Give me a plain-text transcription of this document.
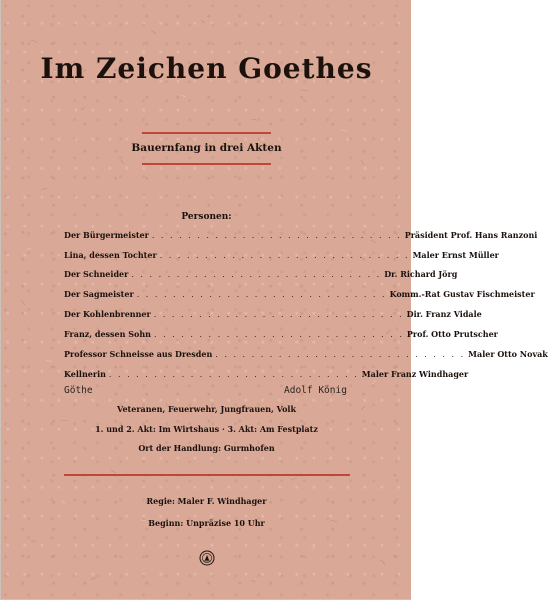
Im Zeichen Goethes
Bauernfang in drei Akten
Personen:
Der Bürgermeister . . . . . . . . . . . . . . . . . . . . . . . . . . . . Präsident Prof. Hans Ranzoni
Lina, dessen Tochter . . . . . . . . . . . . . . . . . . . . . . . . . . . . Maler Ernst Müller
Der Schneider . . . . . . . . . . . . . . . . . . . . . . . . . . . . Dr. Richard Jörg
Der Sagmeister . . . . . . . . . . . . . . . . . . . . . . . . . . . . Komm.-Rat Gustav Fischmeister
Der Kohlenbrenner . . . . . . . . . . . . . . . . . . . . . . . . . . . . Dir. Franz Vidale
Franz, dessen Sohn . . . . . . . . . . . . . . . . . . . . . . . . . . . . Prof. Otto Prutscher
Professor Schneisse aus Dresden . . . . . . . . . . . . . . . . . . . . . . . . . . . . Maler Otto Novak
Kellnerin . . . . . . . . . . . . . . . . . . . . . . . . . . . . Maler Franz Windhager
Göthe	Adolf König
Veteranen, Feuerwehr, Jungfrauen, Volk
1. und 2. Akt: Im Wirtshaus · 3. Akt: Am Festplatz
Ort der Handlung: Gurmhofen
Regie: Maler F. Windhager
Beginn: Unpräzise 10 Uhr
